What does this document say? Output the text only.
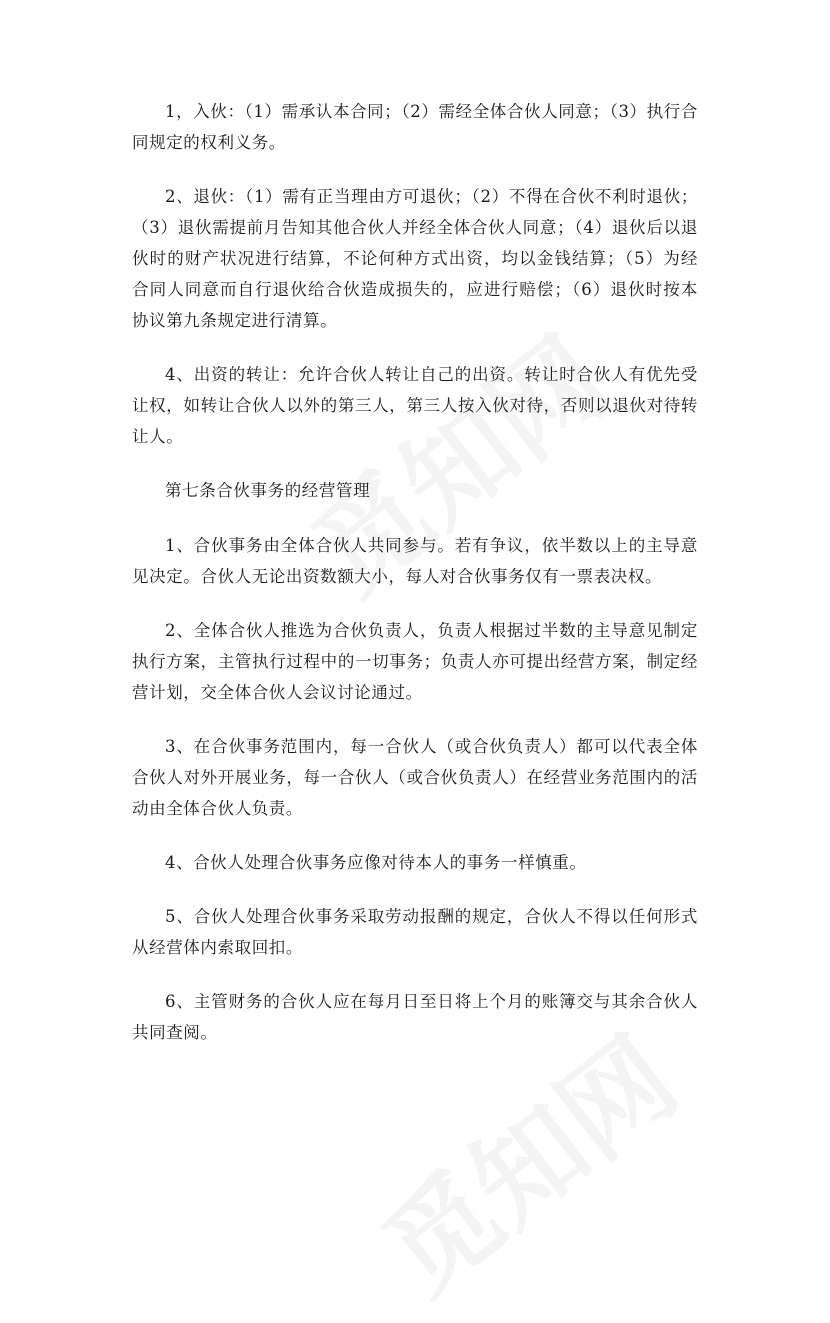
1，入伙：（1）需承认本合同；（2）需经全体合伙人同意；（3）执行合同规定的权利义务。

2、退伙：（1）需有正当理由方可退伙；（2）不得在合伙不利时退伙；（3）退伙需提前月告知其他合伙人并经全体合伙人同意；（4）退伙后以退伙时的财产状况进行结算，不论何种方式出资，均以金钱结算；（5）为经合同人同意而自行退伙给合伙造成损失的，应进行赔偿；（6）退伙时按本协议第九条规定进行清算。

4、出资的转让：允许合伙人转让自己的出资。转让时合伙人有优先受让权，如转让合伙人以外的第三人，第三人按入伙对待，否则以退伙对待转让人。

第七条合伙事务的经营管理

1、合伙事务由全体合伙人共同参与。若有争议，依半数以上的主导意见决定。合伙人无论出资数额大小，每人对合伙事务仅有一票表决权。

2、全体合伙人推选为合伙负责人，负责人根据过半数的主导意见制定执行方案，主管执行过程中的一切事务；负责人亦可提出经营方案，制定经营计划，交全体合伙人会议讨论通过。

3、在合伙事务范围内，每一合伙人（或合伙负责人）都可以代表全体合伙人对外开展业务，每一合伙人（或合伙负责人）在经营业务范围内的活动由全体合伙人负责。

4、合伙人处理合伙事务应像对待本人的事务一样慎重。

5、合伙人处理合伙事务采取劳动报酬的规定，合伙人不得以任何形式从经营体内索取回扣。

6、主管财务的合伙人应在每月日至日将上个月的账簿交与其余合伙人共同查阅。
